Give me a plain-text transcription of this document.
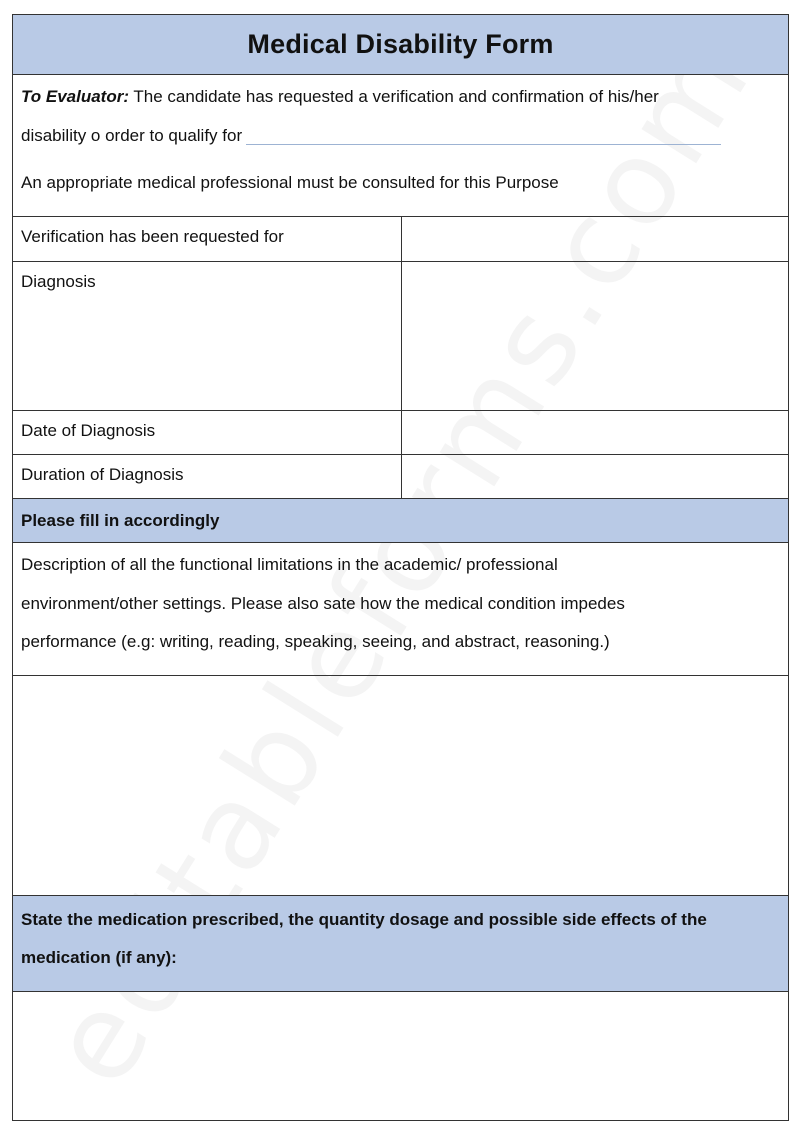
Medical Disability Form
To Evaluator: The candidate has requested a verification and confirmation of his/her
disability o order to qualify for
An appropriate medical professional must be consulted for this Purpose
Verification has been requested for
Diagnosis
Date of Diagnosis
Duration of Diagnosis
Please fill in accordingly
Description of all the functional limitations in the academic/ professional
environment/other settings. Please also sate how the medical condition impedes
performance (e.g: writing, reading, speaking, seeing, and abstract, reasoning.)
State the medication prescribed, the quantity dosage and possible side effects of the
medication (if any):
